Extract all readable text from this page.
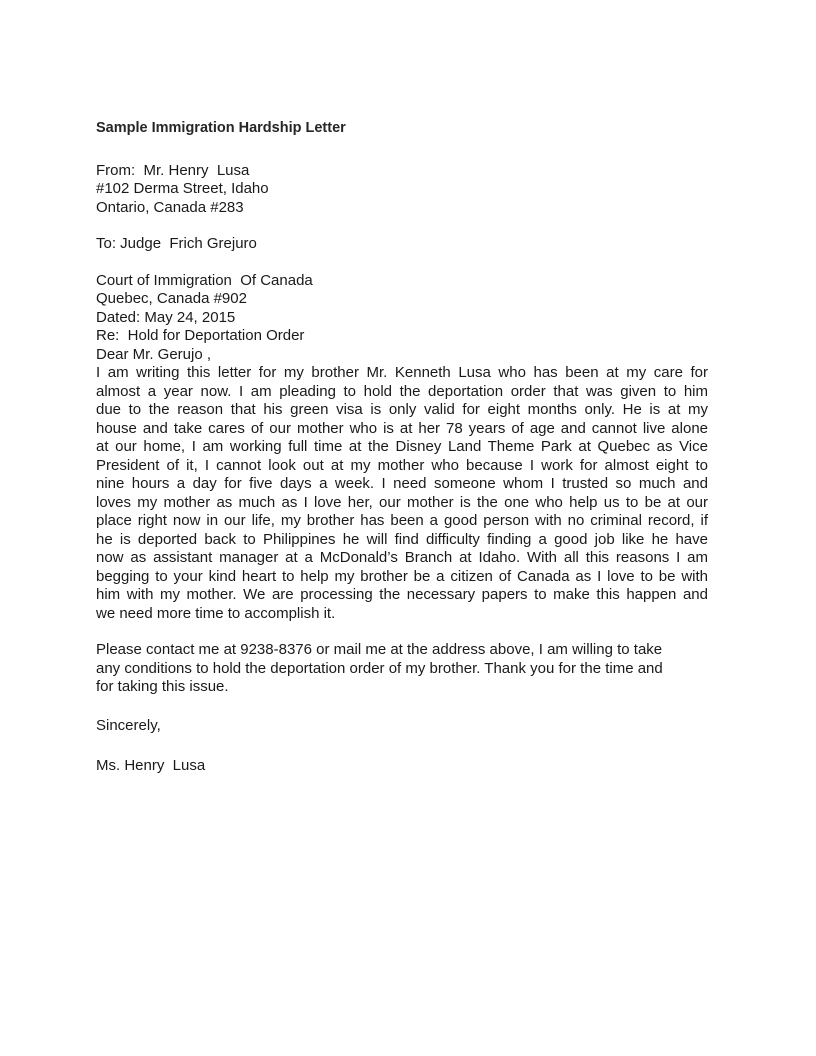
Sample Immigration Hardship Letter
From:  Mr. Henry  Lusa
#102 Derma Street, Idaho
Ontario, Canada #283
To: Judge  Frich Grejuro
Court of Immigration  Of Canada
Quebec, Canada #902
Dated: May 24, 2015
Re:  Hold for Deportation Order
Dear Mr. Gerujo ,
I am writing this letter for my brother Mr. Kenneth Lusa who has been at my care for
almost a year now. I am pleading to hold the deportation order that was given to him
due to the reason that his green visa is only valid for eight months only. He is at my
house and take cares of our mother who is at her 78 years of age and cannot live alone
at our home, I am working full time at the Disney Land Theme Park at Quebec as Vice
President of it, I cannot look out at my mother who because I work for almost eight to
nine hours a day for five days a week. I need someone whom I trusted so much and
loves my mother as much as I love her, our mother is the one who help us to be at our
place right now in our life, my brother has been a good person with no criminal record, if
he is deported back to Philippines he will find difficulty finding a good job like he have
now as assistant manager at a McDonald’s Branch at Idaho. With all this reasons I am
begging to your kind heart to help my brother be a citizen of Canada as I love to be with
him with my mother. We are processing the necessary papers to make this happen and
we need more time to accomplish it.
Please contact me at 9238-8376 or mail me at the address above, I am willing to take
any conditions to hold the deportation order of my brother. Thank you for the time and
for taking this issue.
Sincerely,
Ms. Henry  Lusa
